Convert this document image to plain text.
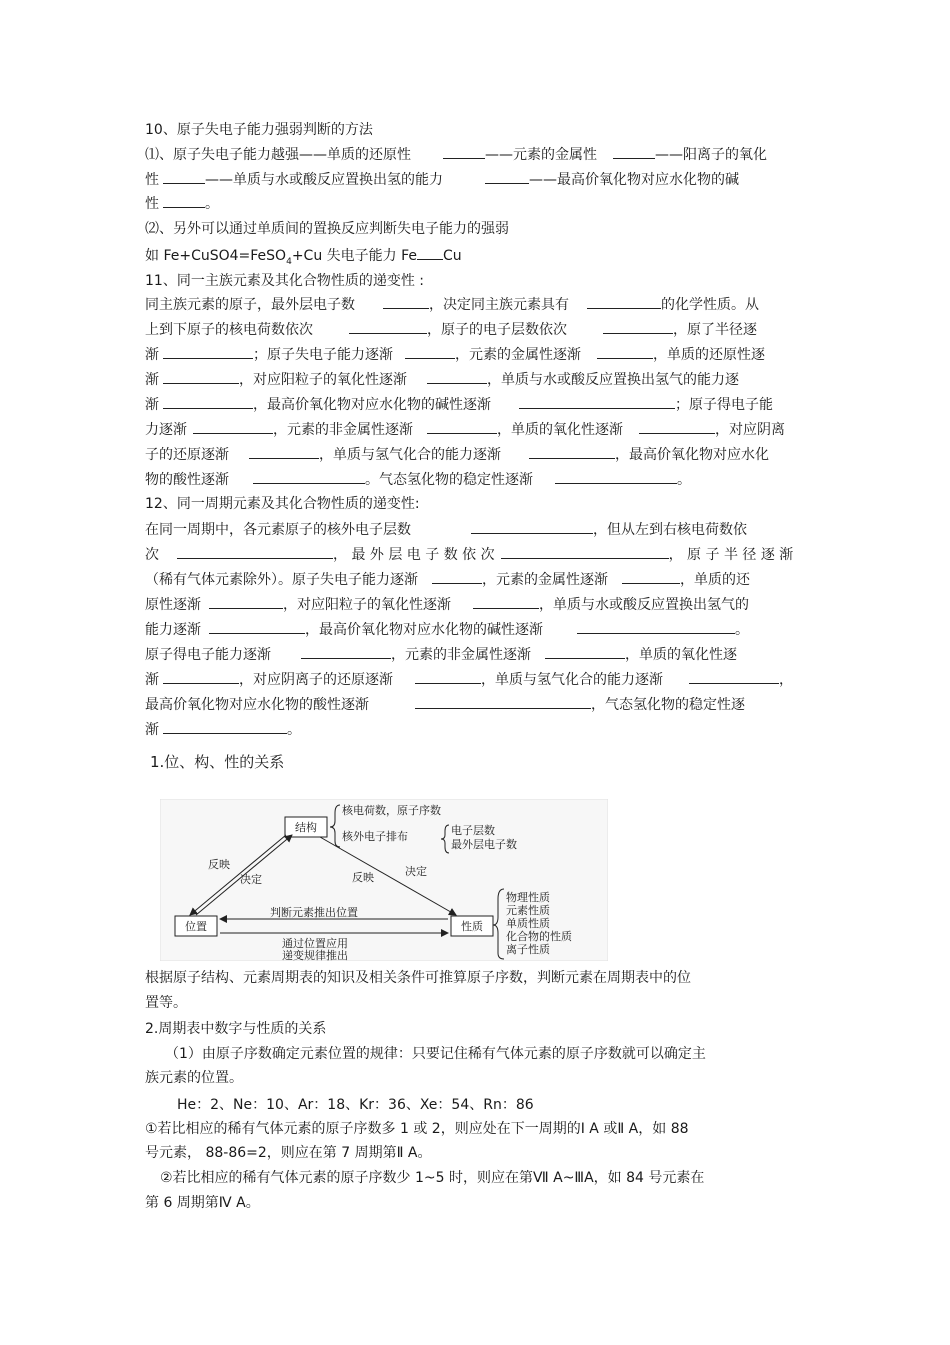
10、原子失电子能力强弱判断的方法
⑴、原子失电子能力越强——单质的还原性	——元素的金属性	——阳离子的氧化
性	——单质与水或酸反应置换出氢的能力	——最高价氧化物对应水化物的碱
性	。
⑵、另外可以通过单质间的置换反应判断失电子能力的强弱
如 Fe+CuSO4=FeSO$_4$+Cu 失电子能力 Fe Cu
11、同一主族元素及其化合物性质的递变性 :
同主族元素的原子，最外层电子数	，决定同主族元素具有	的化学性质。从
上到下原子的核电荷数依次	，原子的电子层数依次	，原了半径逐
渐	；原子失电子能力逐渐	，元素的金属性逐渐	，单质的还原性逐
渐	，对应阳粒子的氧化性逐渐	，单质与水或酸反应置换出氢气的能力逐
渐	，最高价氧化物对应水化物的碱性逐渐	；原子得电子能
力逐渐	，元素的非金属性逐渐	，单质的氧化性逐渐	，对应阴离
子的还原逐渐	，单质与氢气化合的能力逐渐	，最高价氧化物对应水化
物的酸性逐渐	。气态氢化物的稳定性逐渐	。
12、同一周期元素及其化合物性质的递变性:
在同一周期中，各元素原子的核外电子层数	，但从左到右核电荷数依
次	， 最 外 层 电 子 数 依 次	， 原 子 半 径 逐 渐
（稀有气体元素除外）。原子失电子能力逐渐	，元素的金属性逐渐	，单质的还
原性逐渐	，对应阳粒子的氧化性逐渐	，单质与水或酸反应置换出氢气的
能力逐渐	，最高价氧化物对应水化物的碱性逐渐	。
原子得电子能力逐渐	，元素的非金属性逐渐	，单质的氧化性逐
渐	，对应阴离子的还原逐渐	，单质与氢气化合的能力逐渐	，
最高价氧化物对应水化物的酸性逐渐	，气态氢化物的稳定性逐
渐	。
1.位、构、性的关系
结构
位置	性质
反映
决定	反映	决定
判断元素推出位置
通过位置应用
递变规律推出
核电荷数，原子序数
核外电子排布	电子层数
最外层电子数
物理性质
元素性质
单质性质
化合物的性质
离子性质
根据原子结构、元素周期表的知识及相关条件可推算原子序数，判断元素在周期表中的位
置等。
2.周期表中数字与性质的关系
（1）由原子序数确定元素位置的规律：只要记住稀有气体元素的原子序数就可以确定主
族元素的位置。
He：2、Ne：10、Ar：18、Kr：36、Xe：54、Rn：86
①若比相应的稀有气体元素的原子序数多 1 或 2，则应处在下一周期的Ⅰ A 或Ⅱ A，如 88
号元素， 88-86=2，则应在第 7 周期第Ⅱ A。
②若比相应的稀有气体元素的原子序数少 1~5 时，则应在第Ⅶ A~ⅢA，如 84 号元素在
第 6 周期第Ⅳ A。
